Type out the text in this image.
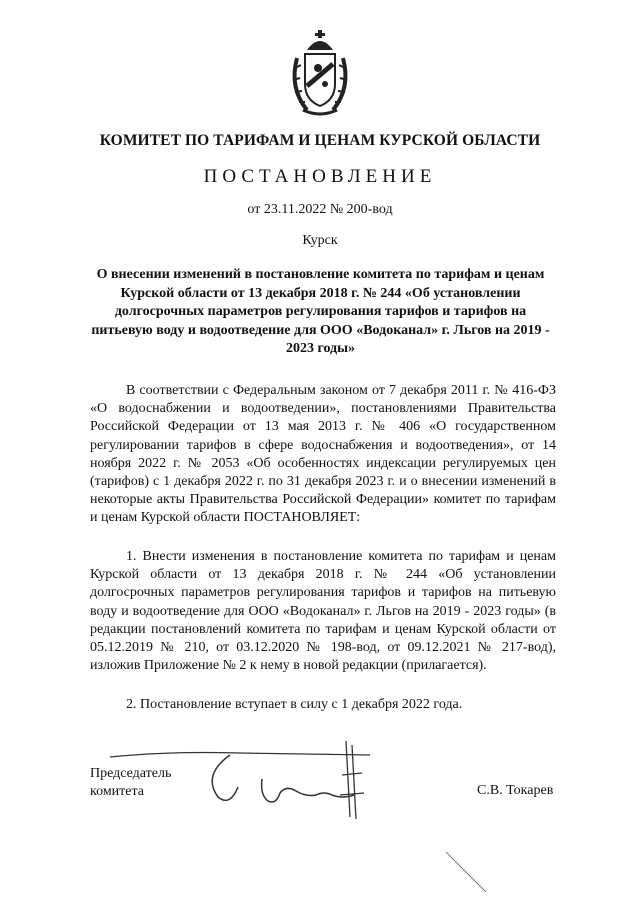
КОМИТЕТ ПО ТАРИФАМ И ЦЕНАМ КУРСКОЙ ОБЛАСТИ
ПОСТАНОВЛЕНИЕ
от 23.11.2022 № 200-вод
Курск
О внесении изменений в постановление комитета по тарифам и ценам Курской области от 13 декабря 2018 г. № 244 «Об установлении долгосрочных параметров регулирования тарифов и тарифов на питьевую воду и водоотведение для ООО «Водоканал» г. Льгов на 2019 - 2023 годы»

В соответствии с Федеральным законом от 7 декабря 2011 г. № 416-ФЗ «О водоснабжении и водоотведении», постановлениями Правительства Российской Федерации от 13 мая 2013 г. № 406 «О государственном регулировании тарифов в сфере водоснабжения и водоотведения», от 14 ноября 2022 г. № 2053 «Об особенностях индексации регулируемых цен (тарифов) с 1 декабря 2022 г. по 31 декабря 2023 г. и о внесении изменений в некоторые акты Правительства Российской Федерации» комитет по тарифам и ценам Курской области ПОСТАНОВЛЯЕТ:

1. Внести изменения в постановление комитета по тарифам и ценам Курской области от 13 декабря 2018 г. № 244 «Об установлении долгосрочных параметров регулирования тарифов и тарифов на питьевую воду и водоотведение для ООО «Водоканал» г. Льгов на 2019 - 2023 годы» (в редакции постановлений комитета по тарифам и ценам Курской области от 05.12.2019 № 210, от 03.12.2020 № 198-вод, от 09.12.2021 № 217-вод), изложив Приложение № 2 к нему в новой редакции (прилагается).

2. Постановление вступает в силу с 1 декабря 2022 года.

Председатель
комитета	С.В. Токарев
